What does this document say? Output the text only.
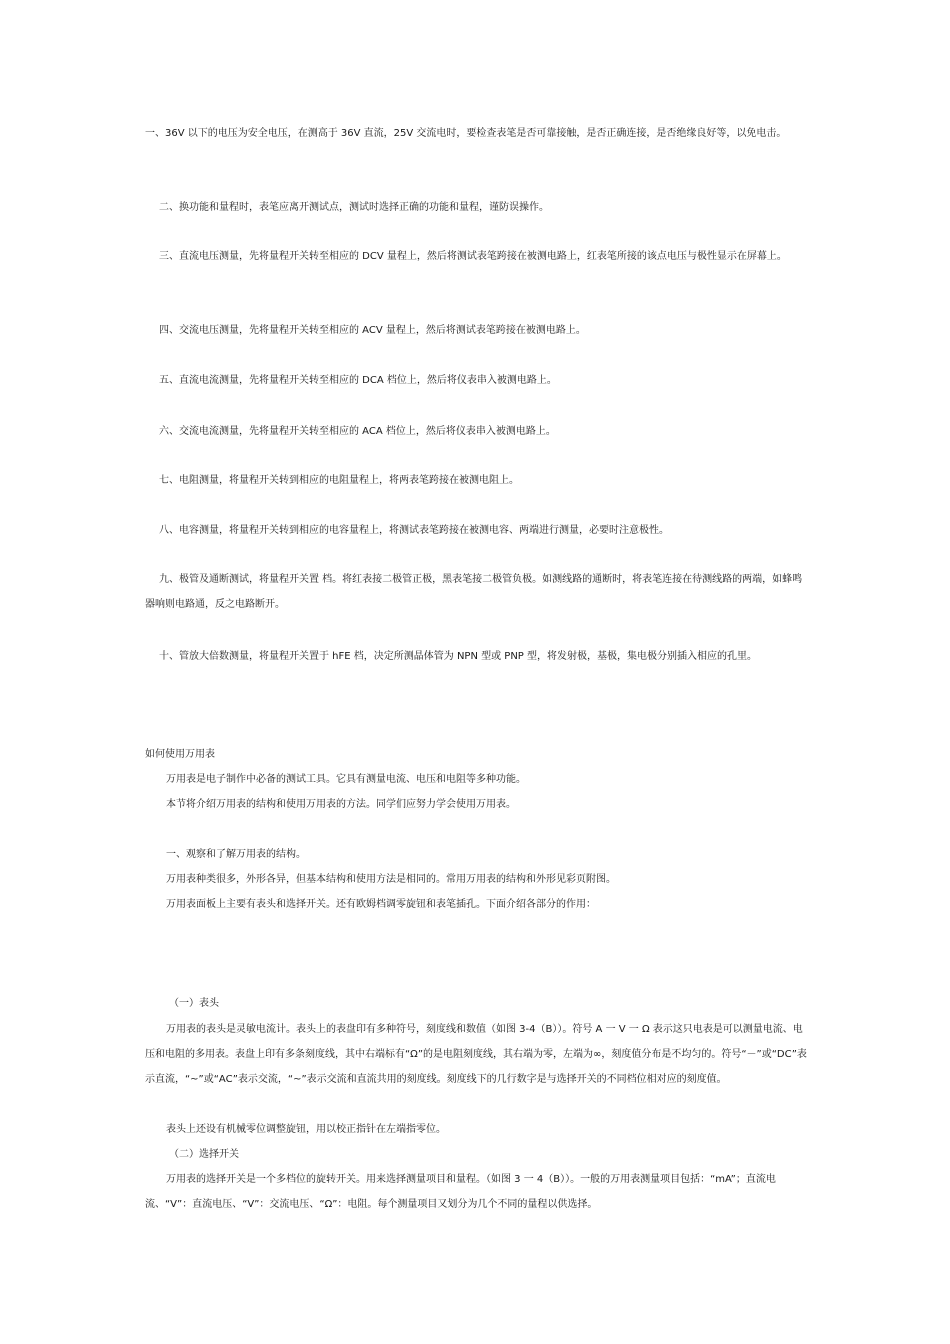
一、36V 以下的电压为安全电压，在测高于 36V 直流，25V 交流电时，要检查表笔是否可靠接触，是否正确连接，是否绝缘良好等，以免电击。

二、换功能和量程时，表笔应离开测试点，测试时选择正确的功能和量程，谨防误操作。

三、直流电压测量，先将量程开关转至相应的 DCV 量程上，然后将测试表笔跨接在被测电路上，红表笔所接的该点电压与极性显示在屏幕上。

四、交流电压测量，先将量程开关转至相应的 ACV 量程上，然后将测试表笔跨接在被测电路上。

五、直流电流测量，先将量程开关转至相应的 DCA 档位上，然后将仪表串入被测电路上。

六、交流电流测量，先将量程开关转至相应的 ACA 档位上，然后将仪表串入被测电路上。

七、电阻测量，将量程开关转到相应的电阻量程上，将两表笔跨接在被测电阻上。

八、电容测量，将量程开关转到相应的电容量程上，将测试表笔跨接在被测电容、两端进行测量，必要时注意极性。

九、极管及通断测试，将量程开关置 档。将红表接二极管正极，黑表笔接二极管负极。如测线路的通断时，将表笔连接在待测线路的两端，如蜂鸣器响则电路通，反之电路断开。

十、管放大倍数测量，将量程开关置于 hFE 档，决定所测晶体管为 NPN 型或 PNP 型，将发射极，基极，集电极分别插入相应的孔里。

如何使用万用表

万用表是电子制作中必备的测试工具。它具有测量电流、电压和电阻等多种功能。

本节将介绍万用表的结构和使用万用表的方法。同学们应努力学会使用万用表。

一、观察和了解万用表的结构。

万用表种类很多，外形各异，但基本结构和使用方法是相同的。常用万用表的结构和外形见彩页附图。

万用表面板上主要有表头和选择开关。还有欧姆档调零旋钮和表笔插孔。下面介绍各部分的作用：

（一）表头

万用表的表头是灵敏电流计。表头上的表盘印有多种符号，刻度线和数值（如图 3-4（B））。符号 A 一 V 一 Ω 表示这只电表是可以测量电流、电压和电阻的多用表。表盘上印有多条刻度线，其中右端标有“Ω”的是电阻刻度线，其右端为零，左端为∞，刻度值分布是不均匀的。符号“－”或“DC”表示直流，“~”或“AC”表示交流，“~”表示交流和直流共用的刻度线。刻度线下的几行数字是与选择开关的不同档位相对应的刻度值。

表头上还设有机械零位调整旋钮，用以校正指针在左端指零位。

（二）选择开关

万用表的选择开关是一个多档位的旋转开关。用来选择测量项目和量程。（如图 3 一 4（B））。一般的万用表测量项目包括：“mA”；直流电流、“V”：直流电压、“V”：交流电压、“Ω”：电阻。每个测量项目又划分为几个不同的量程以供选择。
